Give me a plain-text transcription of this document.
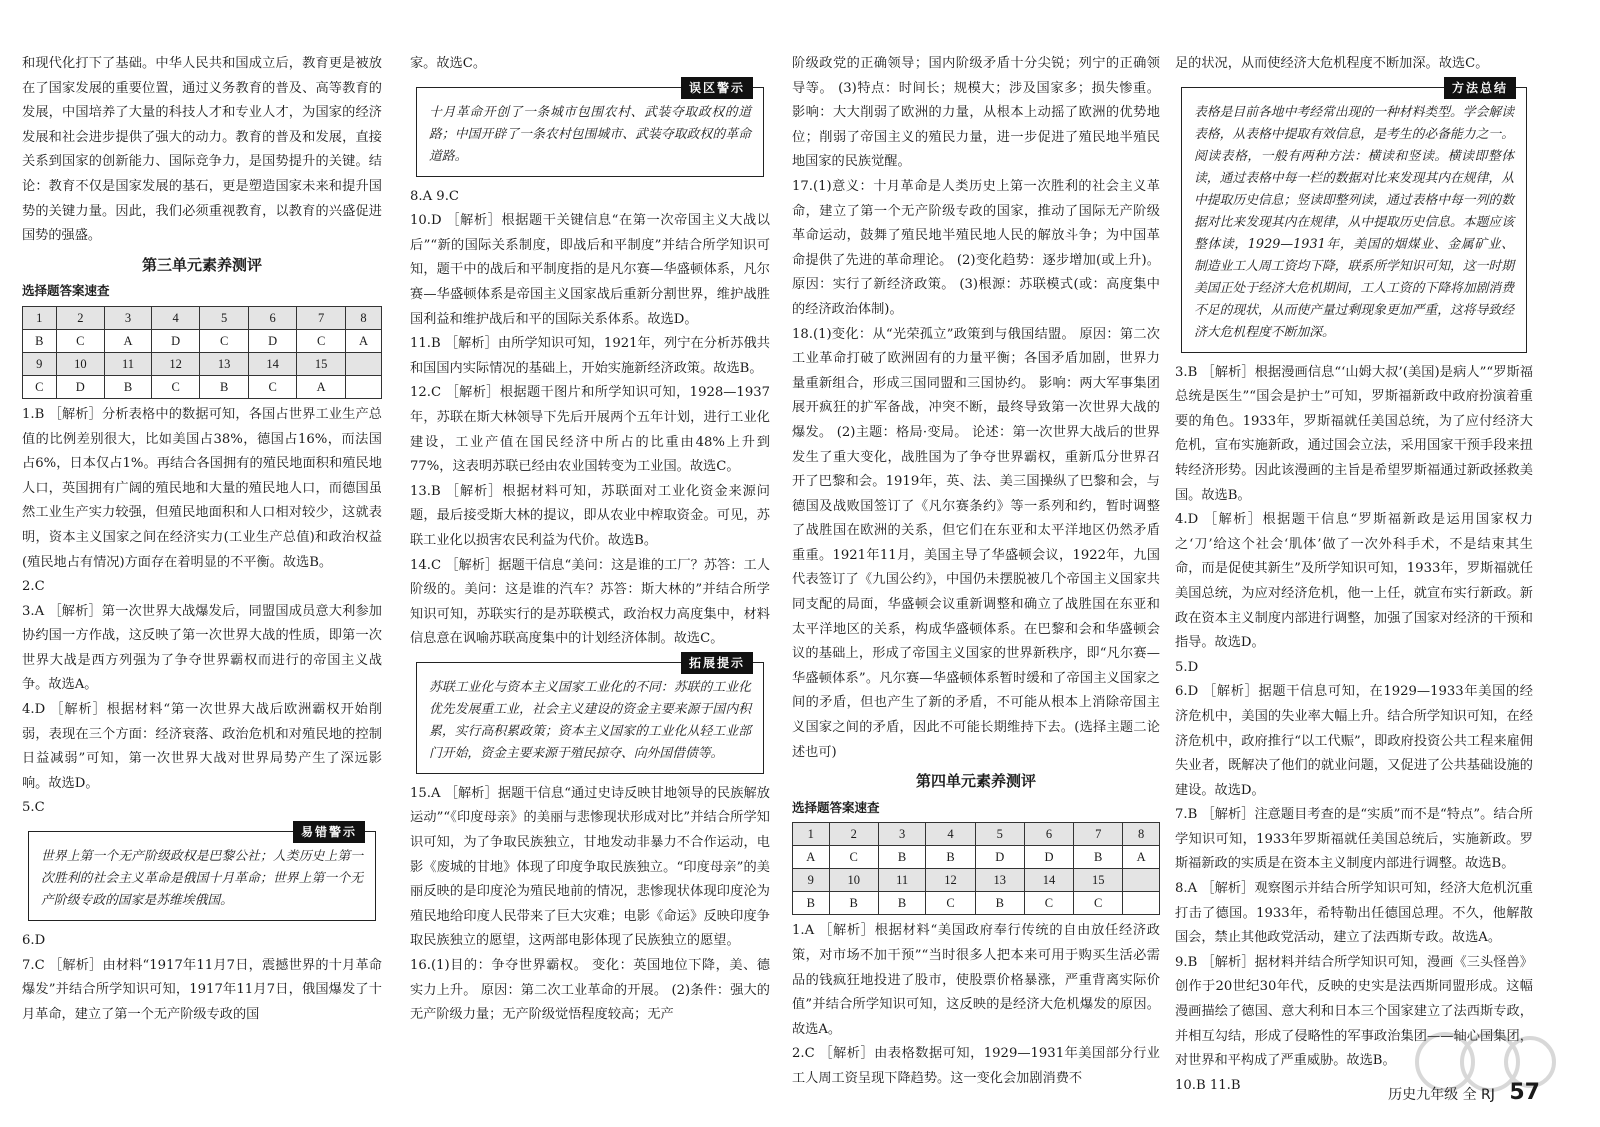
和现代化打下了基础。中华人民共和国成立后，教育更是被放在了国家发展的重要位置，通过义务教育的普及、高等教育的发展，中国培养了大量的科技人才和专业人才，为国家的经济发展和社会进步提供了强大的动力。教育的普及和发展，直接关系到国家的创新能力、国际竞争力，是国势提升的关键。结论：教育不仅是国家发展的基石，更是塑造国家未来和提升国势的关键力量。因此，我们必须重视教育，以教育的兴盛促进国势的强盛。

第三单元素养测评
选择题答案速查
1	2	3	4	5	6	7	8
B	C	A	D	C	D	C	A
9	10	11	12	13	14	15	
C	D	B	C	B	C	A	

1.B ［解析］分析表格中的数据可知，各国占世界工业生产总值的比例差别很大，比如美国占38%，德国占16%，而法国占6%，日本仅占1%。再结合各国拥有的殖民地面积和殖民地人口，英国拥有广阔的殖民地和大量的殖民地人口，而德国虽然工业生产实力较强，但殖民地面积和人口相对较少，这就表明，资本主义国家之间在经济实力(工业生产总值)和政治权益(殖民地占有情况)方面存在着明显的不平衡。故选B。

2.C

3.A ［解析］第一次世界大战爆发后，同盟国成员意大利参加协约国一方作战，这反映了第一次世界大战的性质，即第一次世界大战是西方列强为了争夺世界霸权而进行的帝国主义战争。故选A。

4.D ［解析］根据材料“第一次世界大战后欧洲霸权开始削弱，表现在三个方面：经济衰落、政治危机和对殖民地的控制日益减弱”可知，第一次世界大战对世界局势产生了深远影响。故选D。

5.C

易错警示
世界上第一个无产阶级政权是巴黎公社；人类历史上第一次胜利的社会主义革命是俄国十月革命；世界上第一个无产阶级专政的国家是苏维埃俄国。

6.D

7.C ［解析］由材料“1917年11月7日，震撼世界的十月革命爆发”并结合所学知识可知，1917年11月7日，俄国爆发了十月革命，建立了第一个无产阶级专政的国

家。故选C。

误区警示
十月革命开创了一条城市包围农村、武装夺取政权的道路；中国开辟了一条农村包围城市、武装夺取政权的革命道路。

8.A 9.C

10.D ［解析］根据题干关键信息“在第一次帝国主义大战以后”“新的国际关系制度，即战后和平制度”并结合所学知识可知，题干中的战后和平制度指的是凡尔赛—华盛顿体系，凡尔赛—华盛顿体系是帝国主义国家战后重新分割世界，维护战胜国利益和维护战后和平的国际关系体系。故选D。

11.B ［解析］由所学知识可知，1921年，列宁在分析苏俄共和国国内实际情况的基础上，开始实施新经济政策。故选B。

12.C ［解析］根据题干图片和所学知识可知，1928—1937年，苏联在斯大林领导下先后开展两个五年计划，进行工业化建设，工业产值在国民经济中所占的比重由48%上升到77%，这表明苏联已经由农业国转变为工业国。故选C。

13.B ［解析］根据材料可知，苏联面对工业化资金来源问题，最后接受斯大林的提议，即从农业中榨取资金。可见，苏联工业化以损害农民利益为代价。故选B。

14.C ［解析］据题干信息“美问：这是谁的工厂？苏答：工人阶级的。美问：这是谁的汽车？苏答：斯大林的”并结合所学知识可知，苏联实行的是苏联模式，政治权力高度集中，材料信息意在讽喻苏联高度集中的计划经济体制。故选C。

拓展提示
苏联工业化与资本主义国家工业化的不同：苏联的工业化优先发展重工业，社会主义建设的资金主要来源于国内积累，实行高积累政策；资本主义国家的工业化从轻工业部门开始，资金主要来源于殖民掠夺、向外国借债等。

15.A ［解析］据题干信息“通过史诗反映甘地领导的民族解放运动”“《印度母亲》的美丽与悲惨现状形成对比”并结合所学知识可知，为了争取民族独立，甘地发动非暴力不合作运动，电影《废城的甘地》体现了印度争取民族独立。“印度母亲”的美丽反映的是印度沦为殖民地前的情况，悲惨现状体现印度沦为殖民地给印度人民带来了巨大灾难；电影《命运》反映印度争取民族独立的愿望，这两部电影体现了民族独立的愿望。

16.(1)目的：争夺世界霸权。 变化：英国地位下降，美、德实力上升。 原因：第二次工业革命的开展。 (2)条件：强大的无产阶级力量；无产阶级觉悟程度较高；无产

阶级政党的正确领导；国内阶级矛盾十分尖锐；列宁的正确领导等。 (3)特点：时间长；规模大；涉及国家多；损失惨重。 影响：大大削弱了欧洲的力量，从根本上动摇了欧洲的优势地位；削弱了帝国主义的殖民力量，进一步促进了殖民地半殖民地国家的民族觉醒。

17.(1)意义：十月革命是人类历史上第一次胜利的社会主义革命，建立了第一个无产阶级专政的国家，推动了国际无产阶级革命运动，鼓舞了殖民地半殖民地人民的解放斗争；为中国革命提供了先进的革命理论。 (2)变化趋势：逐步增加(或上升)。 原因：实行了新经济政策。 (3)根源：苏联模式(或：高度集中的经济政治体制)。

18.(1)变化：从“光荣孤立”政策到与俄国结盟。 原因：第二次工业革命打破了欧洲固有的力量平衡；各国矛盾加剧，世界力量重新组合，形成三国同盟和三国协约。 影响：两大军事集团展开疯狂的扩军备战，冲突不断，最终导致第一次世界大战的爆发。 (2)主题：格局·变局。 论述：第一次世界大战后的世界发生了重大变化，战胜国为了争夺世界霸权，重新瓜分世界召开了巴黎和会。1919年，英、法、美三国操纵了巴黎和会，与德国及战败国签订了《凡尔赛条约》等一系列和约，暂时调整了战胜国在欧洲的关系，但它们在东亚和太平洋地区仍然矛盾重重。1921年11月，美国主导了华盛顿会议，1922年，九国代表签订了《九国公约》，中国仍未摆脱被几个帝国主义国家共同支配的局面，华盛顿会议重新调整和确立了战胜国在东亚和太平洋地区的关系，构成华盛顿体系。在巴黎和会和华盛顿会议的基础上，形成了帝国主义国家的世界新秩序，即“凡尔赛—华盛顿体系”。凡尔赛—华盛顿体系暂时缓和了帝国主义国家之间的矛盾，但也产生了新的矛盾，不可能从根本上消除帝国主义国家之间的矛盾，因此不可能长期维持下去。(选择主题二论述也可)

第四单元素养测评
选择题答案速查
1	2	3	4	5	6	7	8
A	C	B	B	D	D	B	A
9	10	11	12	13	14	15	
B	B	B	C	B	C	C	

1.A ［解析］根据材料“美国政府奉行传统的自由放任经济政策，对市场不加干预”“当时很多人把本来可用于购买生活必需品的钱疯狂地投进了股市，使股票价格暴涨，严重背离实际价值”并结合所学知识可知，这反映的是经济大危机爆发的原因。故选A。

2.C ［解析］由表格数据可知，1929—1931年美国部分行业工人周工资呈现下降趋势。这一变化会加剧消费不

足的状况，从而使经济大危机程度不断加深。故选C。

方法总结
表格是目前各地中考经常出现的一种材料类型。学会解读表格，从表格中提取有效信息，是考生的必备能力之一。阅读表格，一般有两种方法：横读和竖读。横读即整体读，通过表格中每一栏的数据对比来发现其内在规律，从中提取历史信息；竖读即整列读，通过表格中每一列的数据对比来发现其内在规律，从中提取历史信息。本题应该整体读，1929—1931年，美国的烟煤业、金属矿业、制造业工人周工资均下降，联系所学知识可知，这一时期美国正处于经济大危机期间，工人工资的下降将加剧消费不足的现状，从而使产量过剩现象更加严重，这将导致经济大危机程度不断加深。

3.B ［解析］根据漫画信息“‘山姆大叔’(美国)是病人”“罗斯福总统是医生”“国会是护士”可知，罗斯福新政中政府扮演着重要的角色。1933年，罗斯福就任美国总统，为了应付经济大危机，宣布实施新政，通过国会立法，采用国家干预手段来扭转经济形势。因此该漫画的主旨是希望罗斯福通过新政拯救美国。故选B。

4.D ［解析］根据题干信息“罗斯福新政是运用国家权力之‘刀’给这个社会‘肌体’做了一次外科手术，不是结束其生命，而是促使其新生”及所学知识可知，1933年，罗斯福就任美国总统，为应对经济危机，他一上任，就宣布实行新政。新政在资本主义制度内部进行调整，加强了国家对经济的干预和指导。故选D。

5.D

6.D ［解析］据题干信息可知，在1929—1933年美国的经济危机中，美国的失业率大幅上升。结合所学知识可知，在经济危机中，政府推行“以工代赈”，即政府投资公共工程来雇佣失业者，既解决了他们的就业问题，又促进了公共基础设施的建设。故选D。

7.B ［解析］注意题目考查的是“实质”而不是“特点”。结合所学知识可知，1933年罗斯福就任美国总统后，实施新政。罗斯福新政的实质是在资本主义制度内部进行调整。故选B。

8.A ［解析］观察图示并结合所学知识可知，经济大危机沉重打击了德国。1933年，希特勒出任德国总理。不久，他解散国会，禁止其他政党活动，建立了法西斯专政。故选A。

9.B ［解析］据材料并结合所学知识可知，漫画《三头怪兽》创作于20世纪30年代，反映的史实是法西斯同盟形成。这幅漫画描绘了德国、意大利和日本三个国家建立了法西斯专政，并相互勾结，形成了侵略性的军事政治集团——轴心国集团，对世界和平构成了严重威胁。故选B。

10.B 11.B

历史九年级 全 RJ 57
